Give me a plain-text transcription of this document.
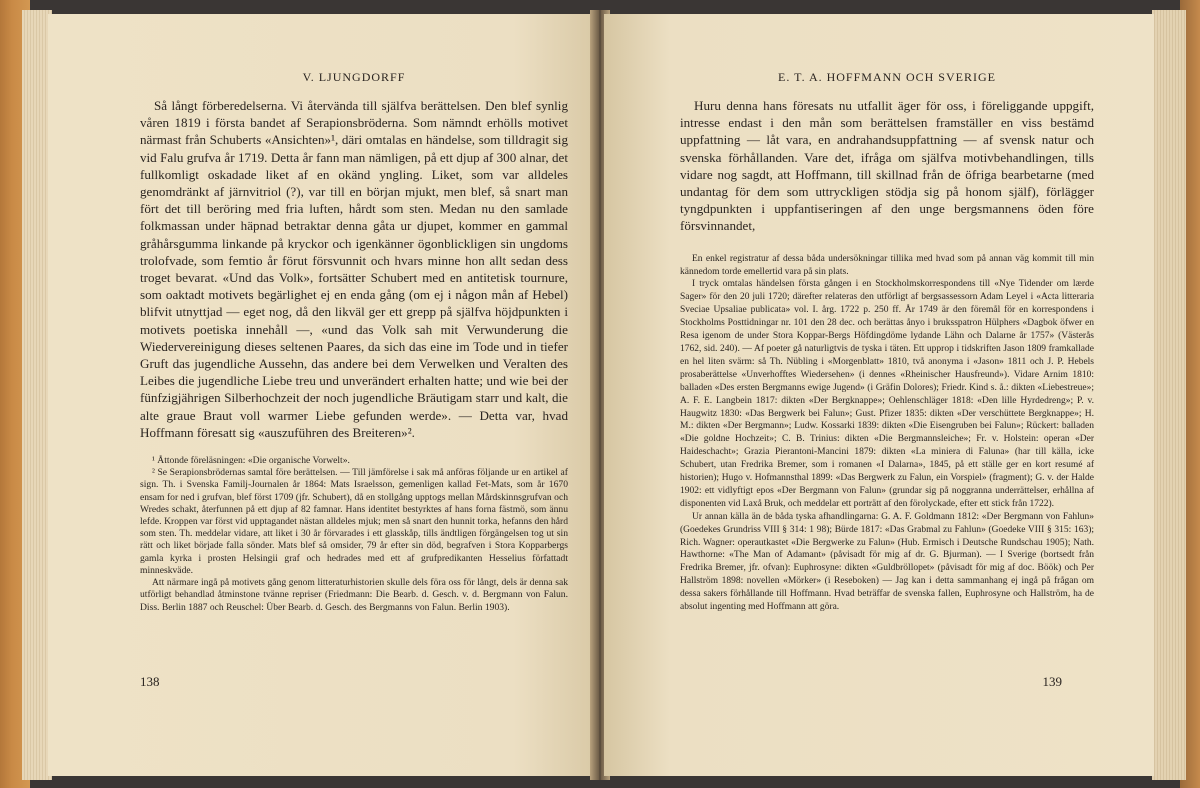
V. LJUNGDORFF

Så långt förberedelserna. Vi återvända till själfva berättelsen. Den blef synlig våren 1819 i första bandet af Serapionsbröderna. Som nämndt erhölls motivet närmast från Schuberts «Ansichten»¹, däri omtalas en händelse, som tilldragit sig vid Falu grufva år 1719. Detta år fann man nämligen, på ett djup af 300 alnar, det fullkomligt oskadade liket af en okänd yngling. Liket, som var alldeles genomdränkt af järnvitriol (?), var till en början mjukt, men blef, så snart man fört det till beröring med fria luften, hårdt som sten. Medan nu den samlade folkmassan under häpnad betraktar denna gåta ur djupet, kommer en gammal gråhårsgumma linkande på kryckor och igenkänner ögonblickligen sin ungdoms trolofvade, som femtio år förut försvunnit och hvars minne hon allt sedan dess troget bevarat. «Und das Volk», fortsätter Schubert med en antitetisk tournure, som oaktadt motivets begärlighet ej en enda gång (om ej i någon mån af Hebel) blifvit utnyttjad — eget nog, då den likväl ger ett grepp på själfva höjdpunkten i motivets poetiska innehåll —, «und das Volk sah mit Verwunderung die Wiedervereinigung dieses seltenen Paares, da sich das eine im Tode und in tiefer Gruft das jugendliche Aussehn, das andere bei dem Verwelken und Veralten des Leibes die jugendliche Liebe treu und unverändert erhalten hatte; und wie bei der fünfzigjährigen Silberhochzeit der noch jugendliche Bräutigam starr und kalt, die alte graue Braut voll warmer Liebe gefunden werde». — Detta var, hvad Hoffmann föresatt sig «auszuführen des Breiteren»².

¹ Åttonde föreläsningen: «Die organische Vorwelt».

² Se Serapionsbrödernas samtal före berättelsen. — Till jämförelse i sak må anföras följande ur en artikel af sign. Th. i Svenska Familj-Journalen år 1864: Mats Israelsson, gemenligen kallad Fet-Mats, som år 1670 ensam for ned i grufvan, blef först 1709 (jfr. Schubert), då en stollgång upptogs mellan Mårdskinnsgrufvan och Wredes schakt, återfunnen på ett djup af 82 famnar. Hans identitet bestyrktes af hans forna fästmö, som ännu lefde. Kroppen var först vid upptagandet nästan alldeles mjuk; men så snart den hunnit torka, hefanns den hård som sten. Th. meddelar vidare, att liket i 30 år förvarades i ett glasskåp, tills ändtligen förgängelsen tog ut sin rätt och liket började falla sönder. Mats blef så omsider, 79 år efter sin död, begrafven i Stora Kopparbergs gamla kyrka i prosten Helsingii graf och hedrades med ett af grufpredikanten Hesselius författadt minneskväde.

Att närmare ingå på motivets gång genom litteraturhistorien skulle dels föra oss för långt, dels är denna sak utförligt behandlad åtminstone tvänne repriser (Friedmann: Die Bearb. d. Gesch. v. d. Bergmann von Falun. Diss. Berlin 1887 och Reuschel: Über Bearb. d. Gesch. des Bergmanns von Falun. Berlin 1903).

138
E. T. A. HOFFMANN OCH SVERIGE

Huru denna hans föresats nu utfallit äger för oss, i föreliggande uppgift, intresse endast i den mån som berättelsen framställer en viss bestämd uppfattning — låt vara, en andrahandsuppfattning — af svensk natur och svenska förhållanden. Vare det, ifråga om själfva motivbehandlingen, tills vidare nog sagdt, att Hoffmann, till skillnad från de öfriga bearbetarne (med undantag för dem som uttryckligen stödja sig på honom själf), förlägger tyngdpunkten i uppfantiseringen af den unge bergsmannens öden före försvinnandet,

En enkel registratur af dessa båda undersökningar tillika med hvad som på annan väg kommit till min kännedom torde emellertid vara på sin plats.

I tryck omtalas händelsen första gången i en Stockholmskorrespondens till «Nye Tidender om lærde Sager» för den 20 juli 1720; därefter relateras den utförligt af bergsassessorn Adam Leyel i «Acta litteraria Sveciae Upsaliae publicata» vol. I. årg. 1722 p. 250 ff. År 1749 är den föremål för en korrespondens i Stockholms Posttidningar nr. 101 den 28 dec. och berättas ånyo i bruksspatron Hülphers «Dagbok öfwer en Resa igenom de under Stora Koppar-Bergs Höfdingdöme lydande Lähn och Dalarne år 1757» (Västerås 1762, sid. 240). — Af poeter gå naturligtvis de tyska i täten. Ett upprop i tidskriften Jason 1809 framkallade en hel liten svärm: så Th. Nübling i «Morgenblatt» 1810, två anonyma i «Jason» 1811 och J. P. Hebels prosaberättelse «Unverhofftes Wiedersehen» (i dennes «Rheinischer Hausfreund»). Vidare Arnim 1810: balladen «Des ersten Bergmanns ewige Jugend» (i Gräfin Dolores); Friedr. Kind s. å.: dikten «Liebestreue»; A. F. E. Langbein 1817: dikten «Der Bergknappe»; Oehlenschläger 1818: «Den lille Hyrdedreng»; P. v. Haugwitz 1830: «Das Bergwerk bei Falun»; Gust. Pfizer 1835: dikten «Der verschüttete Bergknappe»; H. M.: dikten «Der Bergmann»; Ludw. Kossarki 1839: dikten «Die Eisengruben bei Falun»; Rückert: balladen «Die goldne Hochzeit»; C. B. Trinius: dikten «Die Bergmannsleiche»; Fr. v. Holstein: operan «Der Haideschacht»; Grazia Pierantoni-Mancini 1879: dikten «La miniera di Faluna» (har till källa, icke Schubert, utan Fredrika Bremer, som i romanen «I Dalarna», 1845, på ett ställe ger en kort resumé af historien); Hugo v. Hofmannsthal 1899: «Das Bergwerk zu Falun, ein Vorspiel» (fragment); G. v. der Halde 1902: ett vidlyftigt epos «Der Bergmann von Falun» (grundar sig på noggranna underrättelser, erhållna af disponenten vid Laxå Bruk, och meddelar ett porträtt af den förolyckade, efter ett stick från 1722).

Ur annan källa än de båda tyska afhandlingarna: G. A. F. Goldmann 1812: «Der Bergmann von Fahlun» (Goedekes Grundriss VIII § 314: 1 98); Bürde 1817: «Das Grabmal zu Fahlun» (Goedeke VIII § 315: 163); Rich. Wagner: operautkastet «Die Bergwerke zu Falun» (Hub. Ermisch i Deutsche Rundschau 1905); Nath. Hawthorne: «The Man of Adamant» (påvisadt för mig af dr. G. Bjurman). — I Sverige (bortsedt från Fredrika Bremer, jfr. ofvan): Euphrosyne: dikten «Guldbröllopet» (påvisadt för mig af doc. Böök) och Per Hallström 1898: novellen «Mörker» (i Reseboken) — Jag kan i detta sammanhang ej ingå på frågan om dessa sakers förhållande till Hoffmann. Hvad beträffar de svenska fallen, Euphrosyne och Hallström, ha de absolut ingenting med Hoffmann att göra.

139
